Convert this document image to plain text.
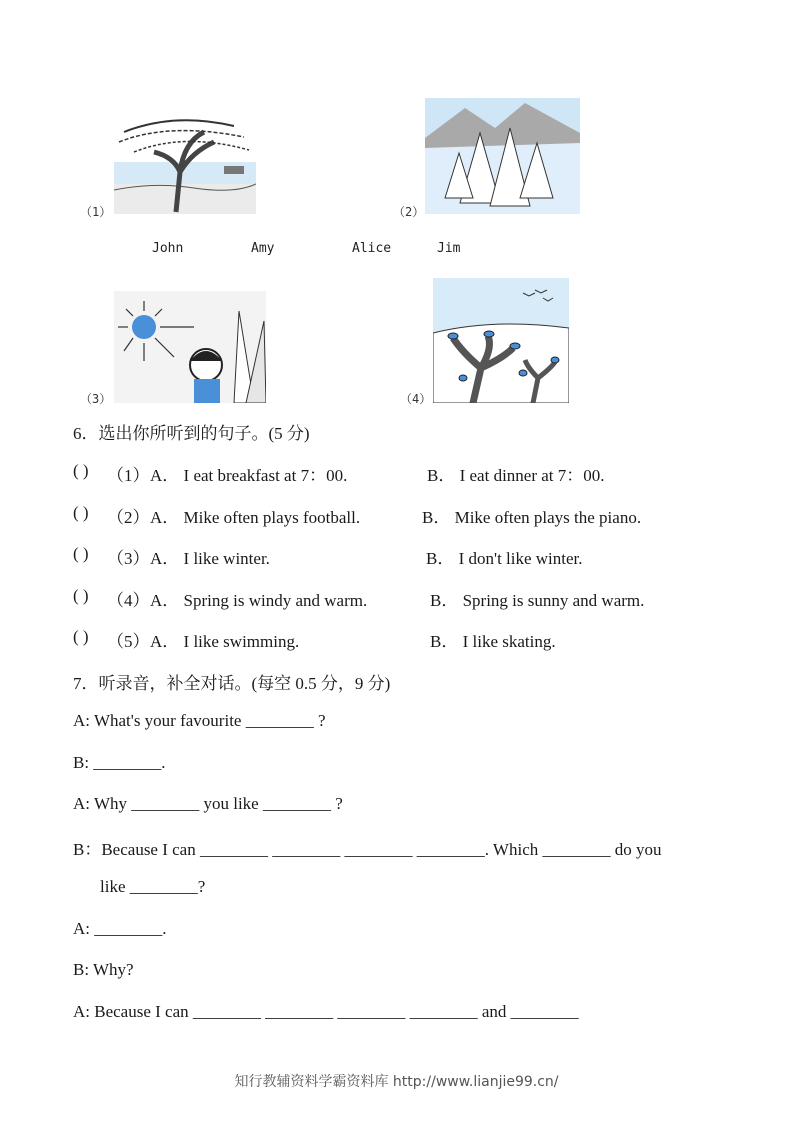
（1）	（2）
John	Amy	Alice	Jim
（3）	（4）
6．选出你所听到的句子。(5 分)
( ) （1） A． I eat breakfast at 7：00.	B． I eat dinner at 7：00.
( ) （2） A． Mike often plays football.	B． Mike often plays the piano.
( ) （3） A． I like winter.	B． I don't like winter.
( ) （4） A． Spring is windy and warm.	B． Spring is sunny and warm.
( ) （5） A． I like swimming.	B． I like skating.
7．听录音，补全对话。(每空 0.5 分，9 分)
A: What's your favourite ________ ?
B: ________.
A: Why ________ you like ________ ?
B：Because I can ________ ________ ________ ________. Which ________ do you
like ________?
A: ________.
B: Why?
A: Because I can ________ ________ ________ ________ and ________
知行教辅资料学霸资料库 http://www.lianjie99.cn/
